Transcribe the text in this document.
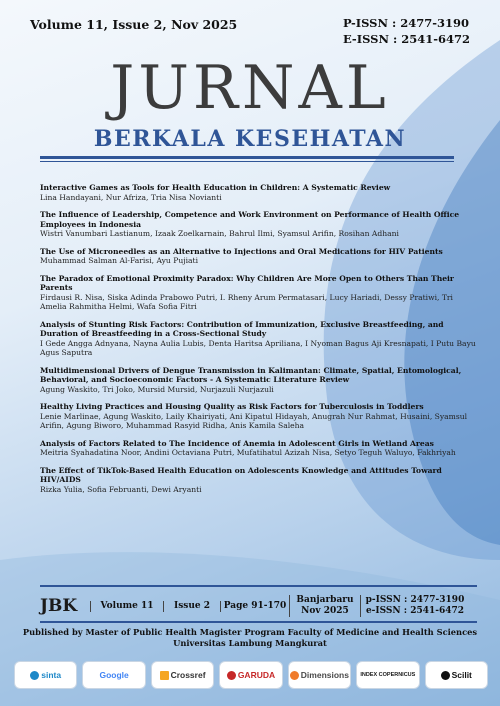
Volume 11, Issue 2, Nov 2025	P-ISSN : 2477-3190
E-ISSN : 2541-6472
JURNAL
BERKALA KESEHATAN
Interactive Games as Tools for Health Education in Children: A Systematic Review
Lina Handayani, Nur Afriza, Tria Nisa Novianti
The Influence of Leadership, Competence and Work Environment on Performance of Health Office Employees in Indonesia
Wistri Vanumbari Lastianum, Izaak Zoelkarnain, Bahrul Ilmi, Syamsul Arifin, Rosihan Adhani
The Use of Microneedles as an Alternative to Injections and Oral Medications for HIV Patients
Muhammad Salman Al-Farisi, Ayu Pujiati
The Paradox of Emotional Proximity Paradox: Why Children Are More Open to Others Than Their Parents
Firdausi R. Nisa, Siska Adinda Prabowo Putri, I. Rheny Arum Permatasari, Lucy Hariadi, Dessy Pratiwi, Tri Amelia Rahmitha Helmi, Wafa Sofia Fitri
Analysis of Stunting Risk Factors: Contribution of Immunization, Exclusive Breastfeeding, and Duration of Breastfeeding in a Cross-Sectional Study
I Gede Angga Adnyana, Nayna Aulia Lubis, Denta Haritsa Apriliana, I Nyoman Bagus Aji Kresnapati, I Putu Bayu Agus Saputra
Multidimensional Drivers of Dengue Transmission in Kalimantan: Climate, Spatial, Entomological, Behavioral, and Socioeconomic Factors - A Systematic Literature Review
Agung Waskito, Tri Joko, Mursid Mursid, Nurjazuli Nurjazuli
Healthy Living Practices and Housing Quality as Risk Factors for Tuberculosis in Toddlers
Lenie Marlinae, Agung Waskito, Laily Khairiyati, Ani Kipatul Hidayah, Anugrah Nur Rahmat, Husaini, Syamsul Arifin, Agung Biworo, Muhammad Rasyid Ridha, Anis Kamila Saleha
Analysis of Factors Related to The Incidence of Anemia in Adolescent Girls in Wetland Areas
Meitria Syahadatina Noor, Andini Octaviana Putri, Mufatihatul Azizah Nisa, Setyo Teguh Waluyo, Fakhriyah
The Effect of TikTok-Based Health Education on Adolescents Knowledge and Attitudes Toward HIV/AIDS
Rizka Yulia, Sofia Februanti, Dewi Aryanti
JBK	Volume 11	Issue 2	Page 91-170
Banjarbaru
Nov 2025
p-ISSN : 2477-3190
e-ISSN : 2541-6472
Published by Master of Public Health Magister Program Faculty of Medicine and Health Sciences
Universitas Lambung Mangkurat
sinta	Google	Crossref	GARUDA	Dimensions INDEX COPERNICUS	Scilit
